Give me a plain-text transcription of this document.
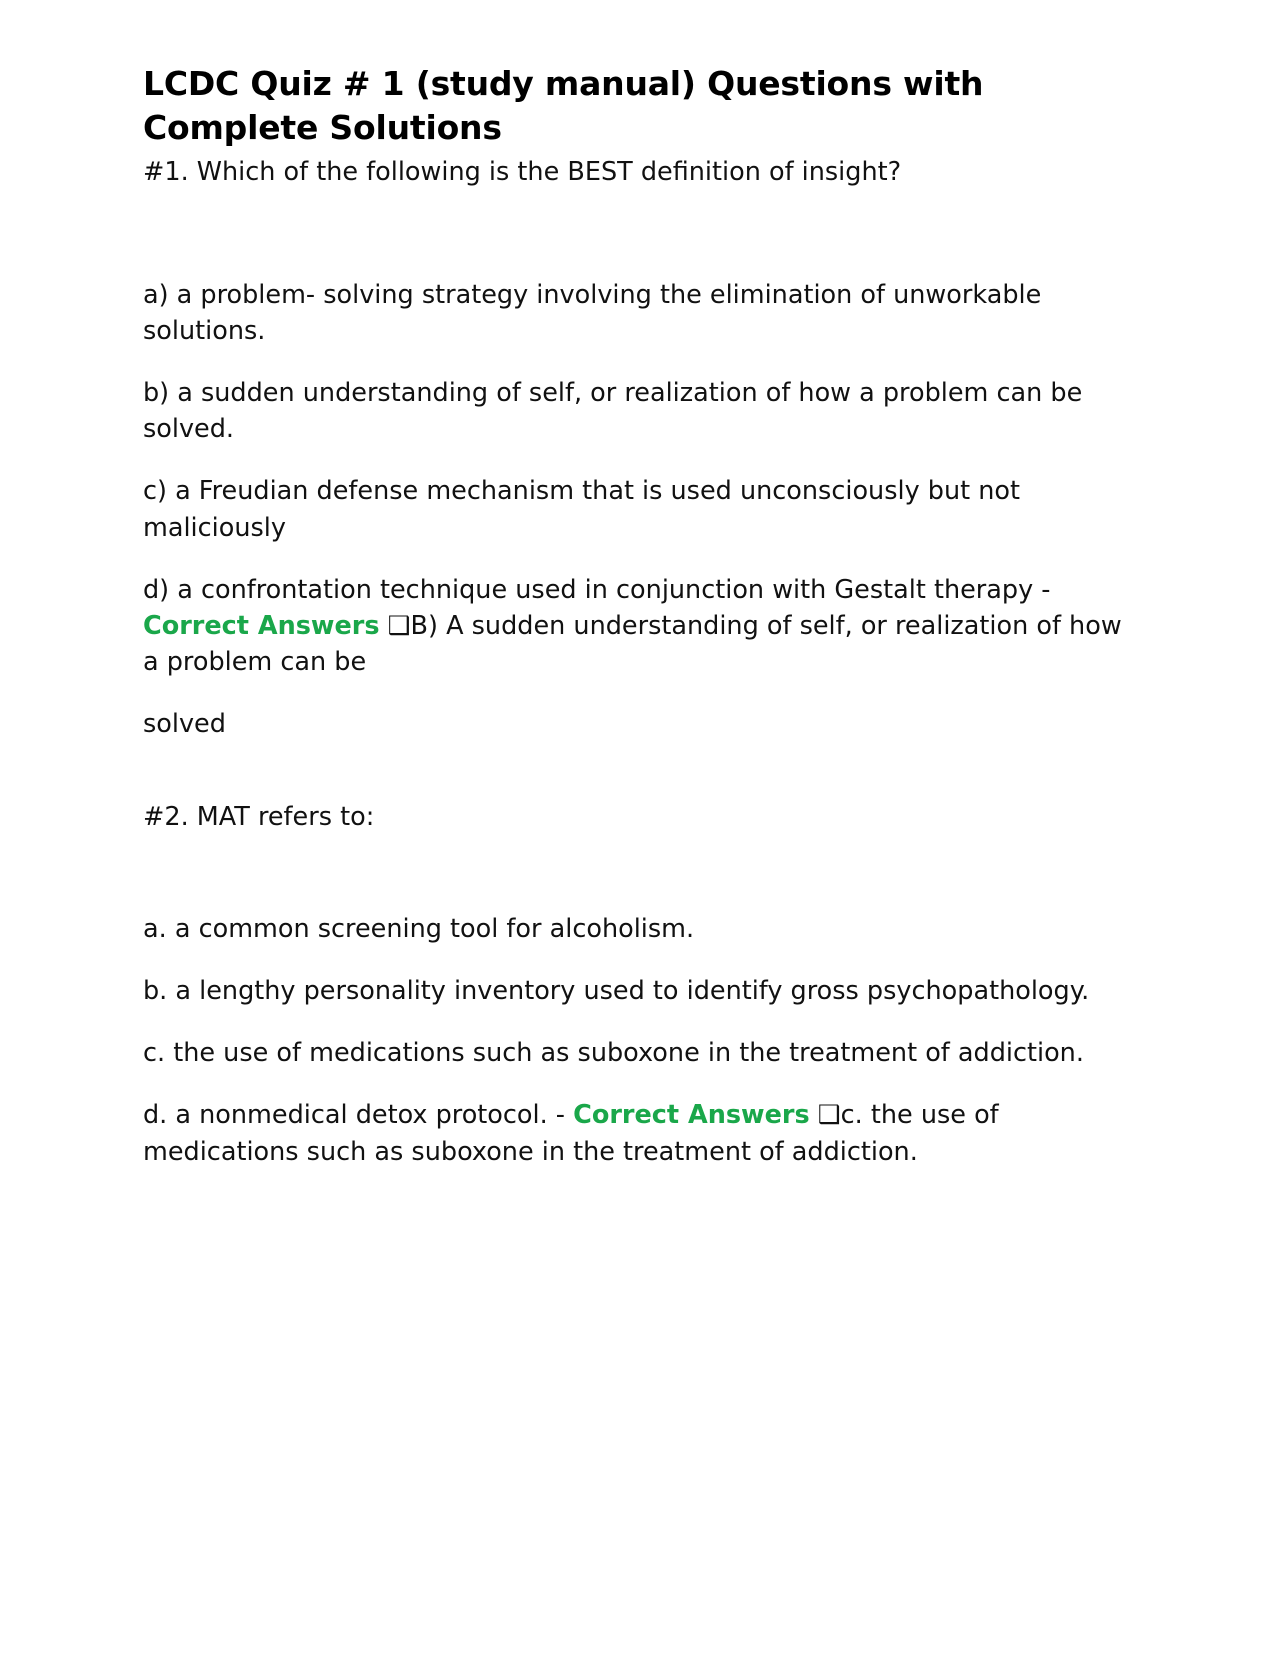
LCDC Quiz # 1 (study manual) Questions with Complete Solutions

#1. Which of the following is the BEST definition of insight?

a) a problem- solving strategy involving the elimination of unworkable solutions.

b) a sudden understanding of self, or realization of how a problem can be solved.

c) a Freudian defense mechanism that is used unconsciously but not maliciously

d) a confrontation technique used in conjunction with Gestalt therapy - Correct Answers ❑B) A sudden understanding of self, or realization of how a problem can be

solved

#2. MAT refers to:

a. a common screening tool for alcoholism.

b. a lengthy personality inventory used to identify gross psychopathology.

c. the use of medications such as suboxone in the treatment of addiction.

d. a nonmedical detox protocol. - Correct Answers ❑c. the use of medications such as suboxone in the treatment of addiction.
